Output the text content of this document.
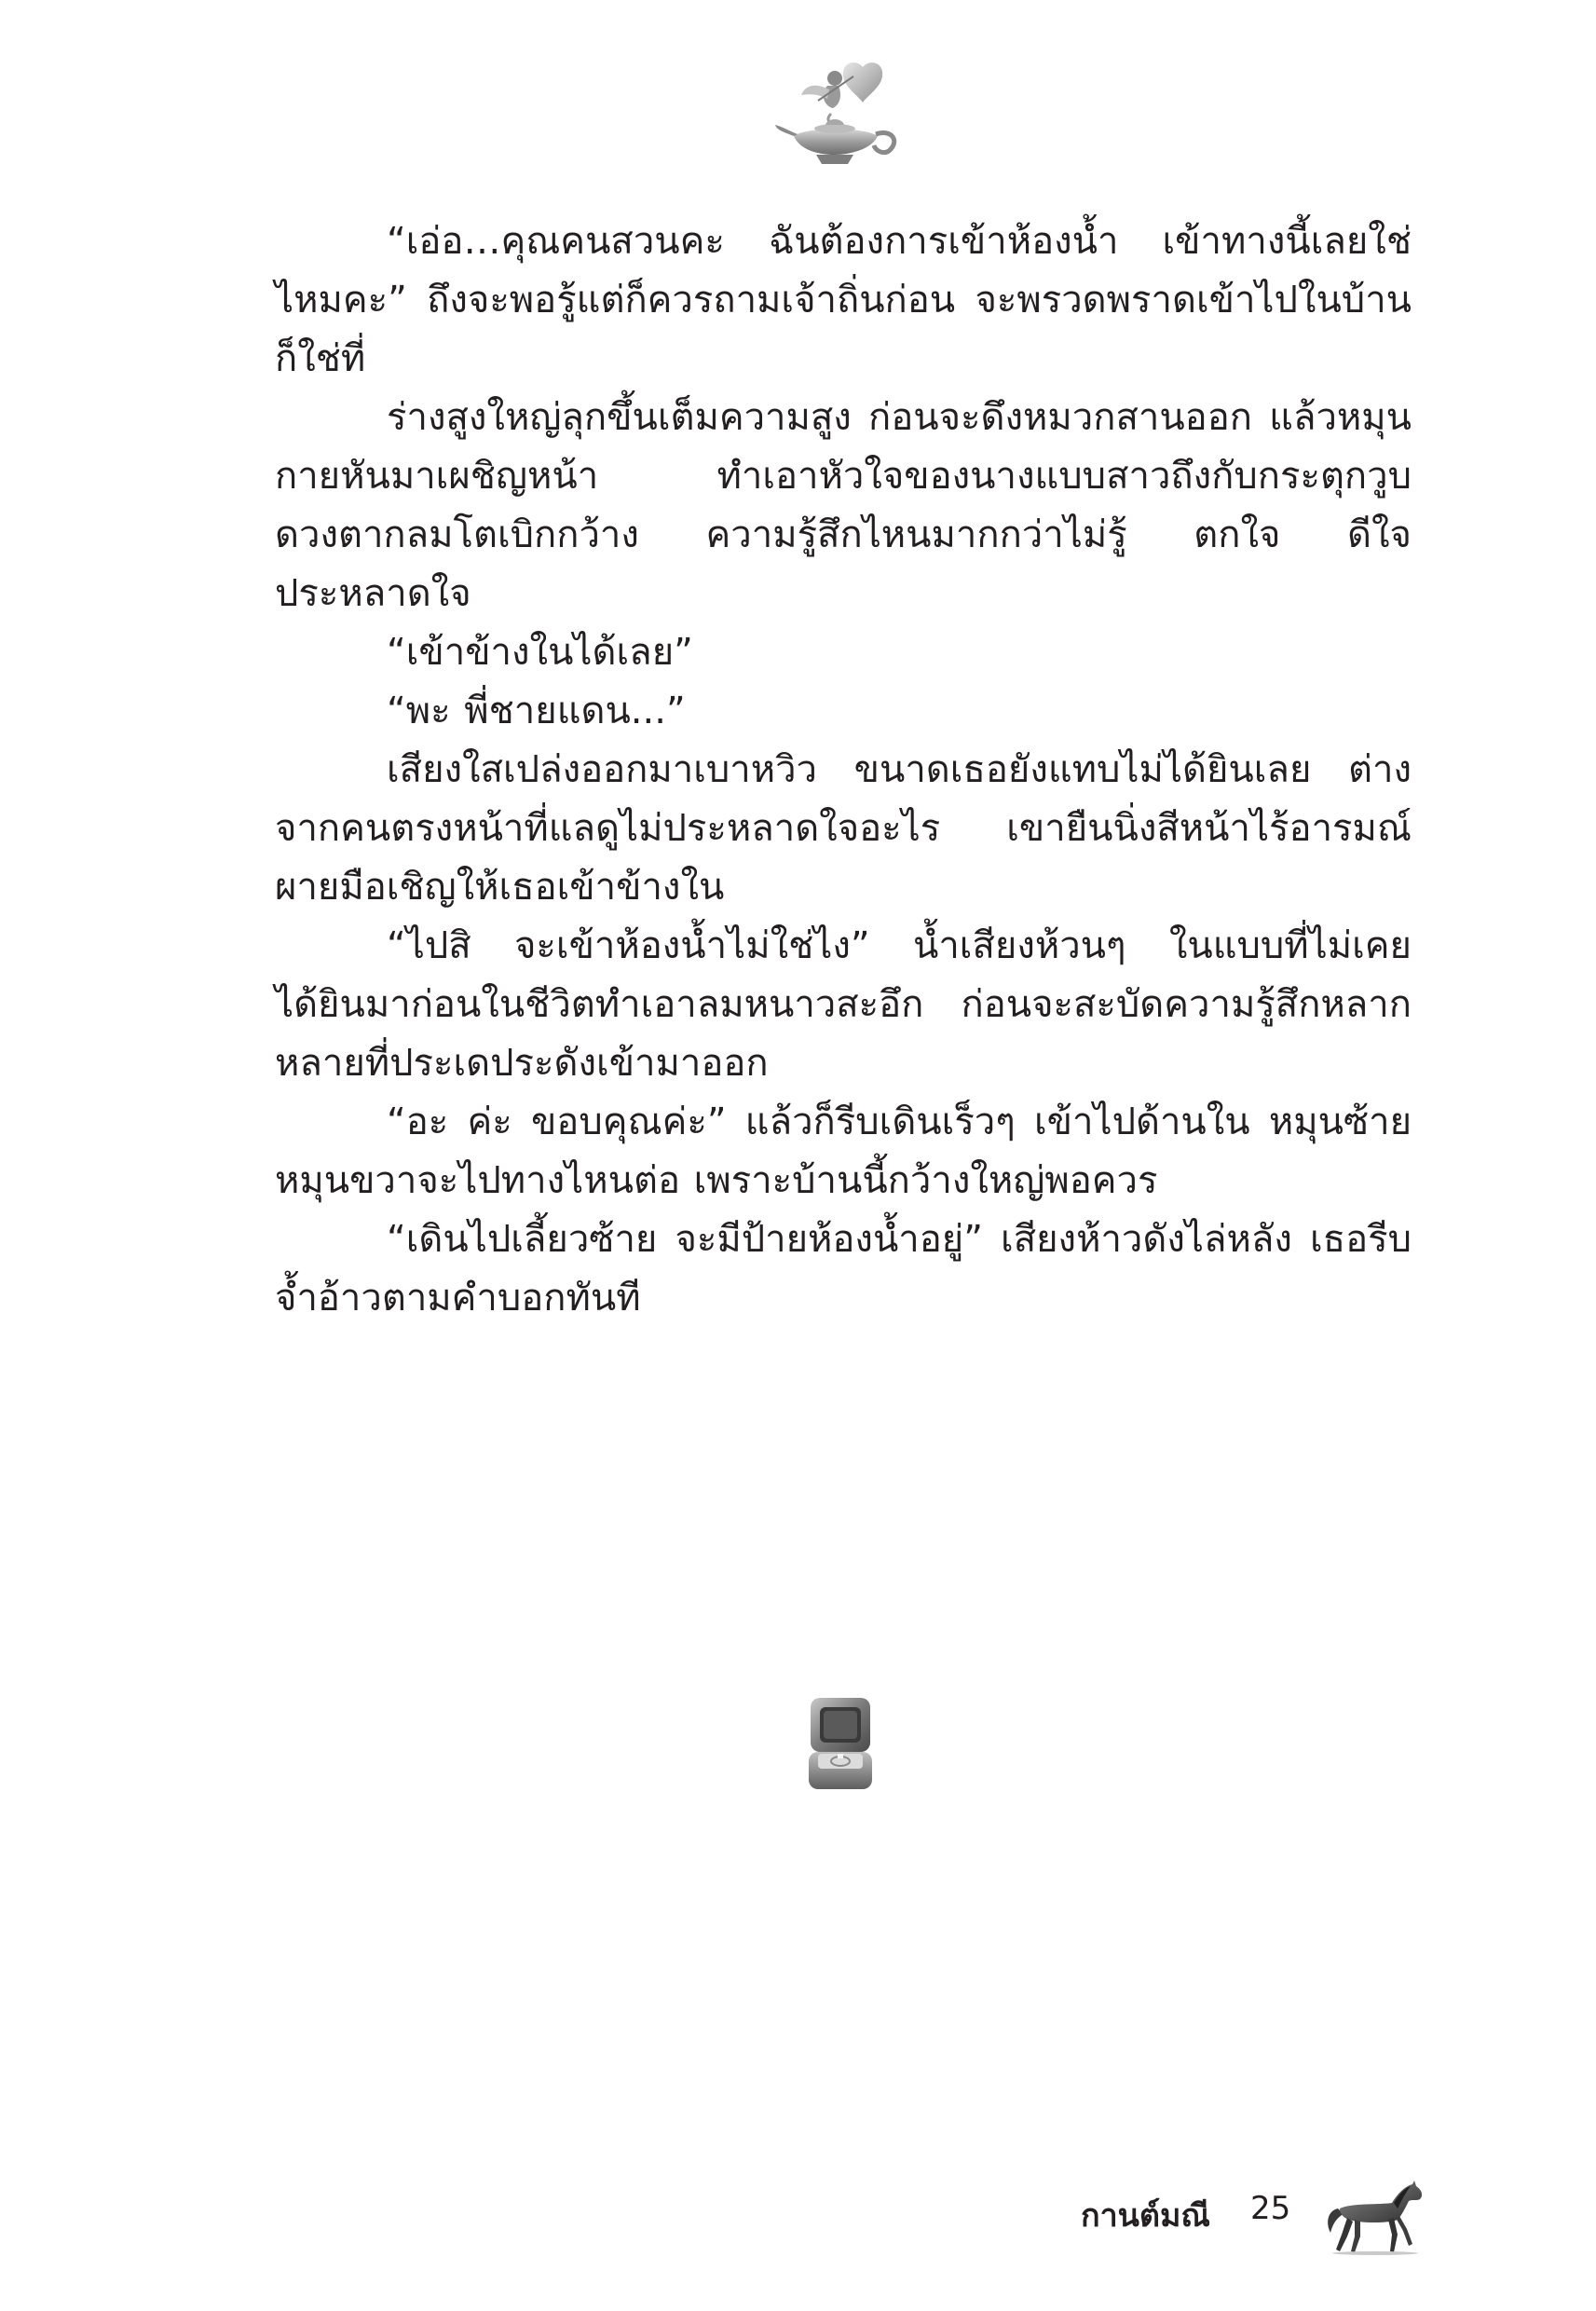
“เอ่อ…คุณคนสวนคะ ฉันต้องการเข้าห้องน้ำ เข้าทางนี้เลยใช่ไหมคะ” ถึงจะพอรู้แต่ก็ควรถามเจ้าถิ่นก่อน จะพรวดพราดเข้าไปในบ้านก็ใช่ที่

ร่างสูงใหญ่ลุกขึ้นเต็มความสูง ก่อนจะดึงหมวกสานออก แล้วหมุนกายหันมาเผชิญหน้า ทำเอาหัวใจของนางแบบสาวถึงกับกระตุกวูบ ดวงตากลมโตเบิกกว้าง ความรู้สึกไหนมากกว่าไม่รู้ ตกใจ ดีใจ ประหลาดใจ

“เข้าข้างในได้เลย”

“พะ พี่ชายแดน...”

เสียงใสเปล่งออกมาเบาหวิว ขนาดเธอยังแทบไม่ได้ยินเลย ต่างจากคนตรงหน้าที่แลดูไม่ประหลาดใจอะไร เขายืนนิ่งสีหน้าไร้อารมณ์ ผายมือเชิญให้เธอเข้าข้างใน

“ไปสิ จะเข้าห้องน้ำไม่ใช่ไง” น้ำเสียงห้วนๆ ในแบบที่ไม่เคยได้ยินมาก่อนในชีวิตทำเอาลมหนาวสะอึก ก่อนจะสะบัดความรู้สึกหลากหลายที่ประเดประดังเข้ามาออก

“อะ ค่ะ ขอบคุณค่ะ” แล้วก็รีบเดินเร็วๆ เข้าไปด้านใน หมุนซ้ายหมุนขวาจะไปทางไหนต่อ เพราะบ้านนี้กว้างใหญ่พอควร

“เดินไปเลี้ยวซ้าย จะมีป้ายห้องน้ำอยู่” เสียงห้าวดังไล่หลัง เธอรีบจ้ำอ้าวตามคำบอกทันที

กานต์มณี 25
